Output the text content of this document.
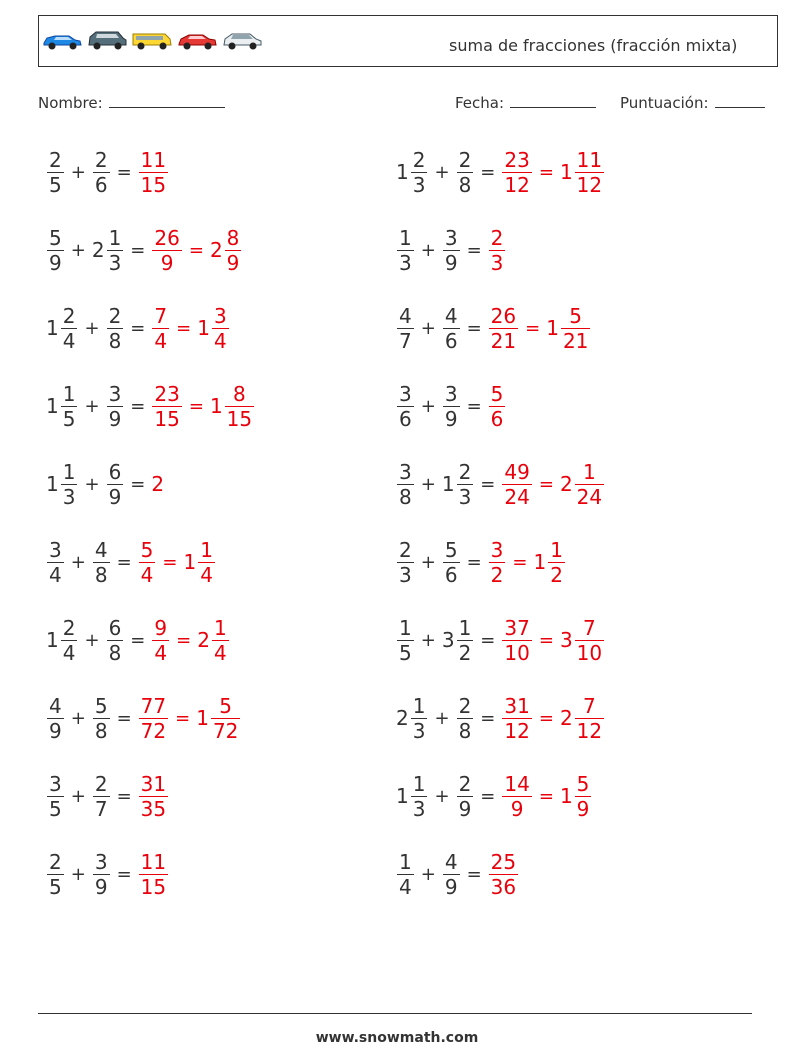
suma de fracciones (fracción mixta)
Nombre:	Fecha:	Puntuación:
$\frac{2}{5} + \frac{2}{6} = \frac{11}{15}$	$1 \frac{2}{3} + \frac{2}{8} = \frac{23}{12} = 1 \frac{11}{12}$
$\frac{5}{9} + 2 \frac{1}{3} = \frac{26}{9} = 2 \frac{8}{9}$	$\frac{1}{3} + \frac{3}{9} = \frac{2}{3}$
$1 \frac{2}{4} + \frac{2}{8} = \frac{7}{4} = 1 \frac{3}{4}$	$\frac{4}{7} + \frac{4}{6} = \frac{26}{21} = 1 \frac{5}{21}$
$1 \frac{1}{5} + \frac{3}{9} = \frac{23}{15} = 1 \frac{8}{15}$	$\frac{3}{6} + \frac{3}{9} = \frac{5}{6}$
$1 \frac{1}{3} + \frac{6}{9} = 2$	$\frac{3}{8} + 1 \frac{2}{3} = \frac{49}{24} = 2 \frac{1}{24}$
$\frac{3}{4} + \frac{4}{8} = \frac{5}{4} = 1 \frac{1}{4}$	$\frac{2}{3} + \frac{5}{6} = \frac{3}{2} = 1 \frac{1}{2}$
$1 \frac{2}{4} + \frac{6}{8} = \frac{9}{4} = 2 \frac{1}{4}$	$\frac{1}{5} + 3 \frac{1}{2} = \frac{37}{10} = 3 \frac{7}{10}$
$\frac{4}{9} + \frac{5}{8} = \frac{77}{72} = 1 \frac{5}{72}$	$2 \frac{1}{3} + \frac{2}{8} = \frac{31}{12} = 2 \frac{7}{12}$
$\frac{3}{5} + \frac{2}{7} = \frac{31}{35}$	$1 \frac{1}{3} + \frac{2}{9} = \frac{14}{9} = 1 \frac{5}{9}$
$\frac{2}{5} + \frac{3}{9} = \frac{11}{15}$	$\frac{1}{4} + \frac{4}{9} = \frac{25}{36}$
www.snowmath.com
